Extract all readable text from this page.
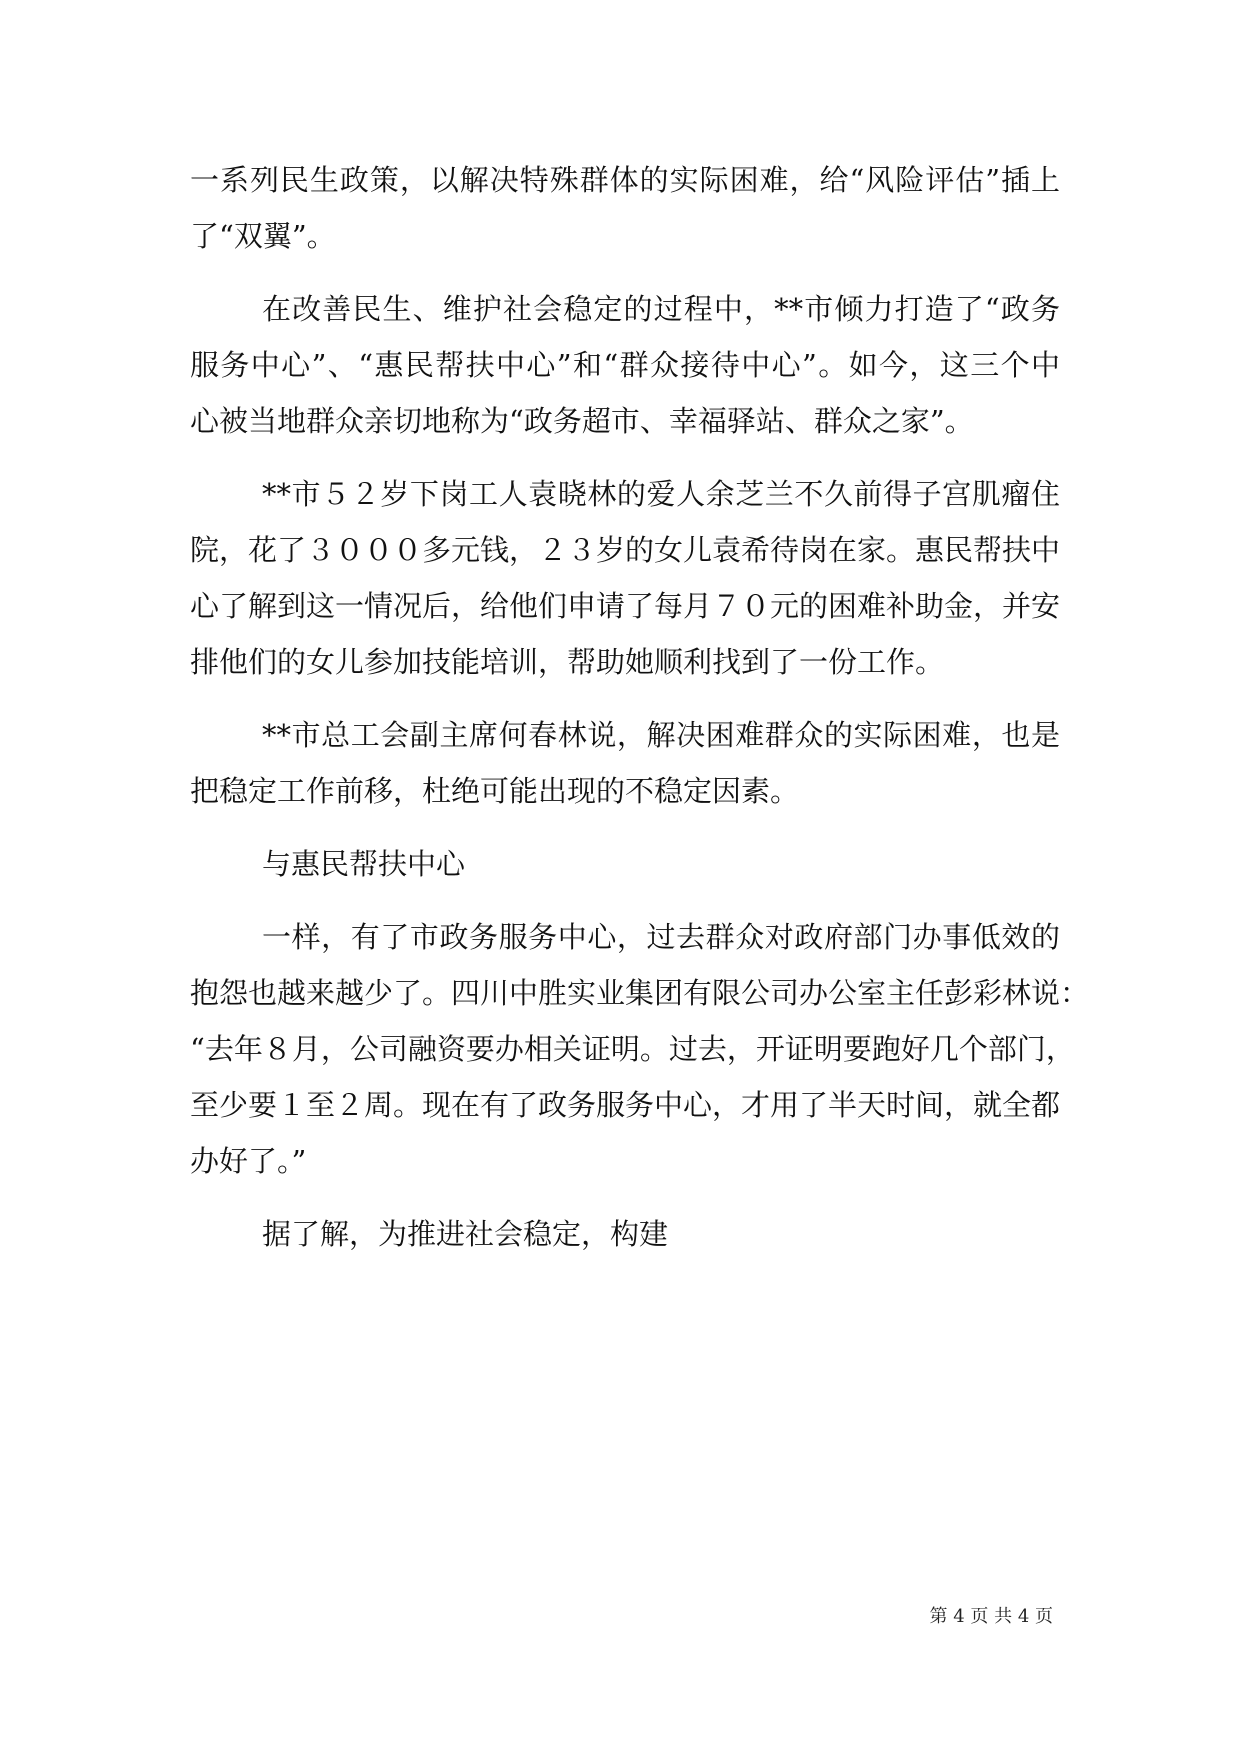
一系列民生政策，以解决特殊群体的实际困难，给“风险评估”插上
了“双翼”。
在改善民生、维护社会稳定的过程中，**市倾力打造了“政务
服务中心”、“惠民帮扶中心”和“群众接待中心”。如今，这三个中
心被当地群众亲切地称为“政务超市、幸福驿站、群众之家”。
**市５２岁下岗工人袁晓林的爱人余芝兰不久前得子宫肌瘤住
院，花了３０００多元钱，２３岁的女儿袁希待岗在家。惠民帮扶中
心了解到这一情况后，给他们申请了每月７０元的困难补助金，并安
排他们的女儿参加技能培训，帮助她顺利找到了一份工作。
**市总工会副主席何春林说，解决困难群众的实际困难，也是
把稳定工作前移，杜绝可能出现的不稳定因素。
与惠民帮扶中心
一样，有了市政务服务中心，过去群众对政府部门办事低效的
抱怨也越来越少了。四川中胜实业集团有限公司办公室主任彭彩林说：
“去年８月，公司融资要办相关证明。过去，开证明要跑好几个部门，
至少要１至２周。现在有了政务服务中心，才用了半天时间，就全都
办好了。”
据了解，为推进社会稳定，构建
第 4 页 共 4 页
